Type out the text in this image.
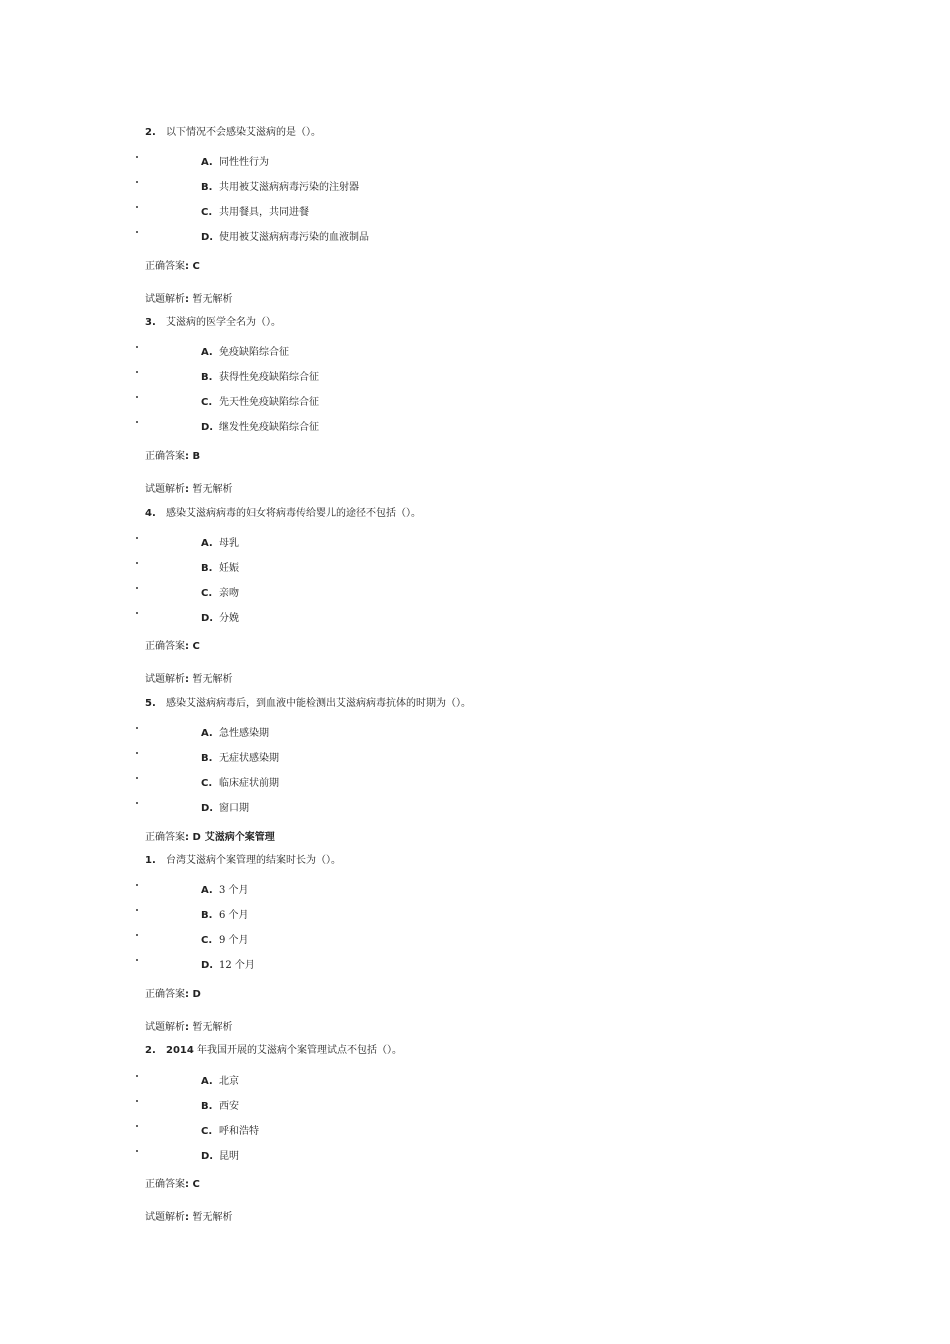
2. 以下情况不会感染艾滋病的是（）。
A. 同性性行为
B. 共用被艾滋病病毒污染的注射器
C. 共用餐具，共同进餐
D. 使用被艾滋病病毒污染的血液制品
正确答案: C
试题解析: 暂无解析
3. 艾滋病的医学全名为（）。
A. 免疫缺陷综合征
B. 获得性免疫缺陷综合征
C. 先天性免疫缺陷综合征
D. 继发性免疫缺陷综合征
正确答案: B
试题解析: 暂无解析
4. 感染艾滋病病毒的妇女将病毒传给婴儿的途径不包括（）。
A. 母乳
B. 妊娠
C. 亲吻
D. 分娩
正确答案: C
试题解析: 暂无解析
5. 感染艾滋病病毒后，到血液中能检测出艾滋病病毒抗体的时期为（）。
A. 急性感染期
B. 无症状感染期
C. 临床症状前期
D. 窗口期
正确答案: D 艾滋病个案管理
1. 台湾艾滋病个案管理的结案时长为（）。
A. 3 个月
B. 6 个月
C. 9 个月
D. 12 个月
正确答案: D
试题解析: 暂无解析
2. 2014 年我国开展的艾滋病个案管理试点不包括（）。
A. 北京
B. 西安
C. 呼和浩特
D. 昆明
正确答案: C
试题解析: 暂无解析
